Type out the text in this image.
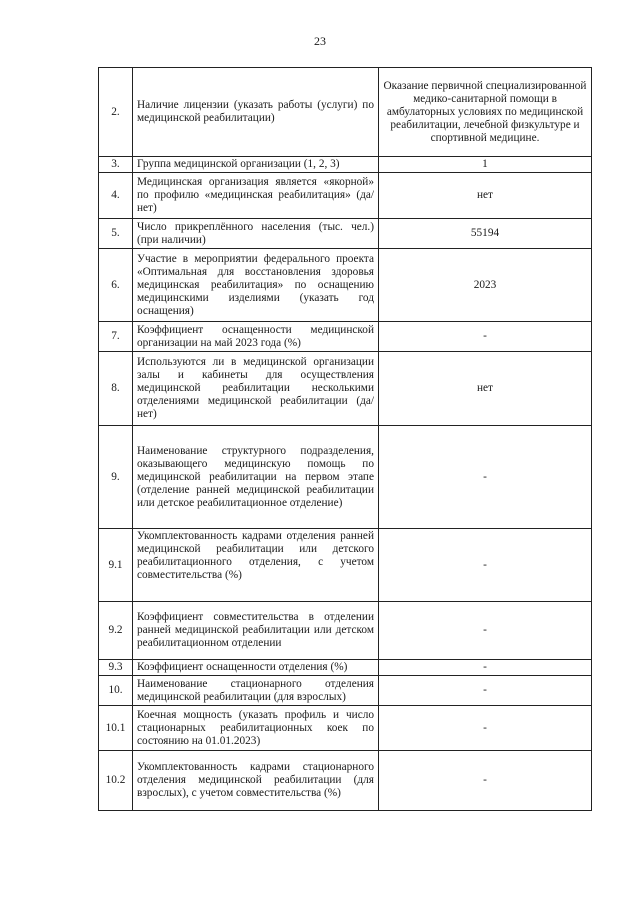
23
2.	Наличие лицензии (указать работы (услуги) по медицинской реабилитации)	Оказание первичной специализированной медико-санитарной помощи в амбулаторных условиях по медицинской реабилитации, лечебной физкультуре и спортивной медицине.
3.	Группа медицинской организации (1, 2, 3)	1
4.	Медицинская организация является «якорной» по профилю «медицинская реабилитация» (да/нет)	нет
5.	Число прикреплённого населения (тыс. чел.) (при наличии)	55194
6.	Участие в мероприятии федерального проекта «Оптимальная для восстановления здоровья медицинская реабилитация» по оснащению медицинскими изделиями (указать год оснащения)	2023
7.	Коэффициент оснащенности медицинской организации на май 2023 года (%)	-
8.	Используются ли в медицинской организации залы и кабинеты для осуществления медицинской реабилитации несколькими отделениями медицинской реабилитации (да/нет)	нет
9.	Наименование структурного подразделения, оказывающего медицинскую помощь по медицинской реабилитации на первом этапе (отделение ранней медицинской реабилитации или детское реабилитационное отделение)	-
9.1	Укомплектованность кадрами отделения ранней медицинской реабилитации или детского реабилитационного отделения, с учетом совместительства (%)	-
9.2	Коэффициент совместительства в отделении ранней медицинской реабилитации или детском реабилитационном отделении	-
9.3	Коэффициент оснащенности отделения (%)	-
10.	Наименование стационарного отделения медицинской реабилитации (для взрослых)	-
10.1	Коечная мощность (указать профиль и число стационарных реабилитационных коек по состоянию на 01.01.2023)	-
10.2	Укомплектованность кадрами стационарного отделения медицинской реабилитации (для взрослых), с учетом совместительства (%)	-
